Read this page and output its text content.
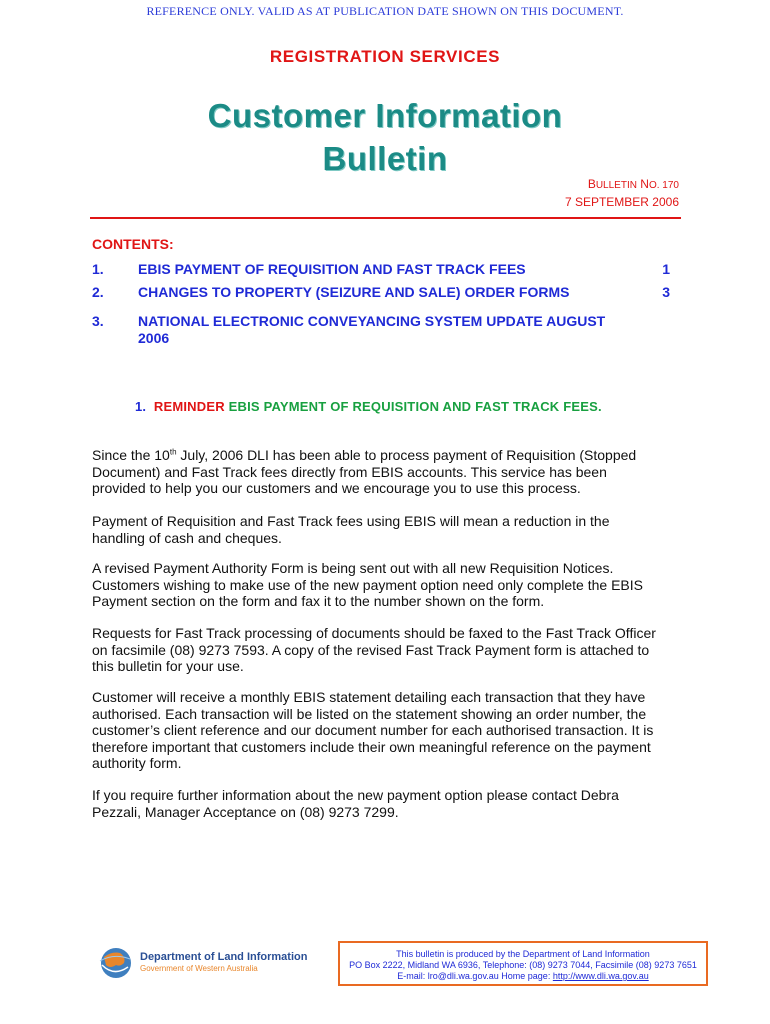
REFERENCE ONLY. VALID AS AT PUBLICATION DATE SHOWN ON THIS DOCUMENT.
REGISTRATION SERVICES
Customer Information
Bulletin
BULLETIN NO. 170
7 SEPTEMBER 2006
CONTENTS:
1.	EBIS PAYMENT OF REQUISITION AND FAST TRACK FEES	1
2.	CHANGES TO PROPERTY (SEIZURE AND SALE) ORDER FORMS	3
3.	NATIONAL ELECTRONIC CONVEYANCING SYSTEM UPDATE AUGUST 2006
1. REMINDER EBIS PAYMENT OF REQUISITION AND FAST TRACK FEES.

Since the 10th July, 2006 DLI has been able to process payment of Requisition (Stopped Document) and Fast Track fees directly from EBIS accounts. This service has been provided to help you our customers and we encourage you to use this process.

Payment of Requisition and Fast Track fees using EBIS will mean a reduction in the handling of cash and cheques.

A revised Payment Authority Form is being sent out with all new Requisition Notices. Customers wishing to make use of the new payment option need only complete the EBIS Payment section on the form and fax it to the number shown on the form.

Requests for Fast Track processing of documents should be faxed to the Fast Track Officer on facsimile (08) 9273 7593. A copy of the revised Fast Track Payment form is attached to this bulletin for your use.

Customer will receive a monthly EBIS statement detailing each transaction that they have authorised. Each transaction will be listed on the statement showing an order number, the customer’s client reference and our document number for each authorised transaction. It is therefore important that customers include their own meaningful reference on the payment authority form.

If you require further information about the new payment option please contact Debra Pezzali, Manager Acceptance on (08) 9273 7299.

Department of Land Information
Government of Western Australia
This bulletin is produced by the Department of Land Information
PO Box 2222, Midland WA 6936, Telephone: (08) 9273 7044, Facsimile (08) 9273 7651
E-mail: lro@dli.wa.gov.au Home page: http://www.dli.wa.gov.au
